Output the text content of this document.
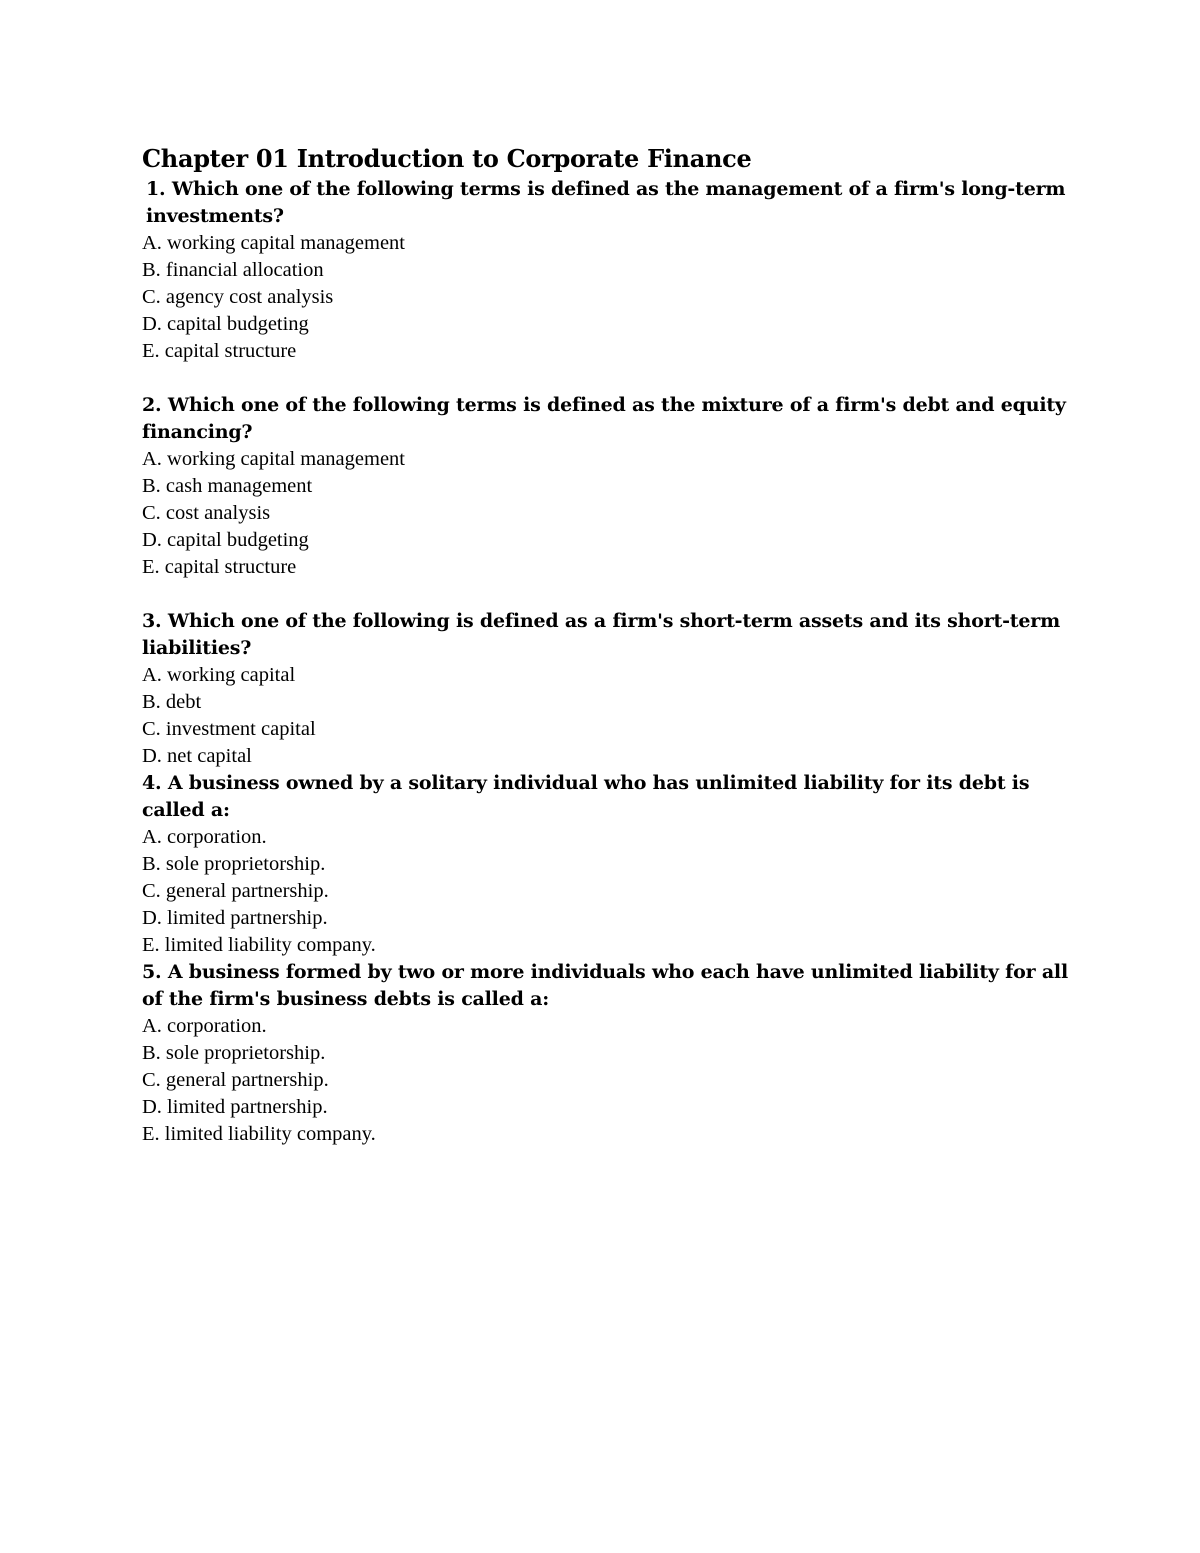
Chapter 01 Introduction to Corporate Finance

1. Which one of the following terms is defined as the management of a firm's long-term investments?

A. working capital management
B. financial allocation
C. agency cost analysis
D. capital budgeting
E. capital structure

2. Which one of the following terms is defined as the mixture of a firm's debt and equity financing?

A. working capital management
B. cash management
C. cost analysis
D. capital budgeting
E. capital structure

3. Which one of the following is defined as a firm's short-term assets and its short-term liabilities?

A. working capital
B. debt
C. investment capital
D. net capital

4. A business owned by a solitary individual who has unlimited liability for its debt is called a:

A. corporation.
B. sole proprietorship.
C. general partnership.
D. limited partnership.
E. limited liability company.

5. A business formed by two or more individuals who each have unlimited liability for all of the firm's business debts is called a:

A. corporation.
B. sole proprietorship.
C. general partnership.
D. limited partnership.
E. limited liability company.
